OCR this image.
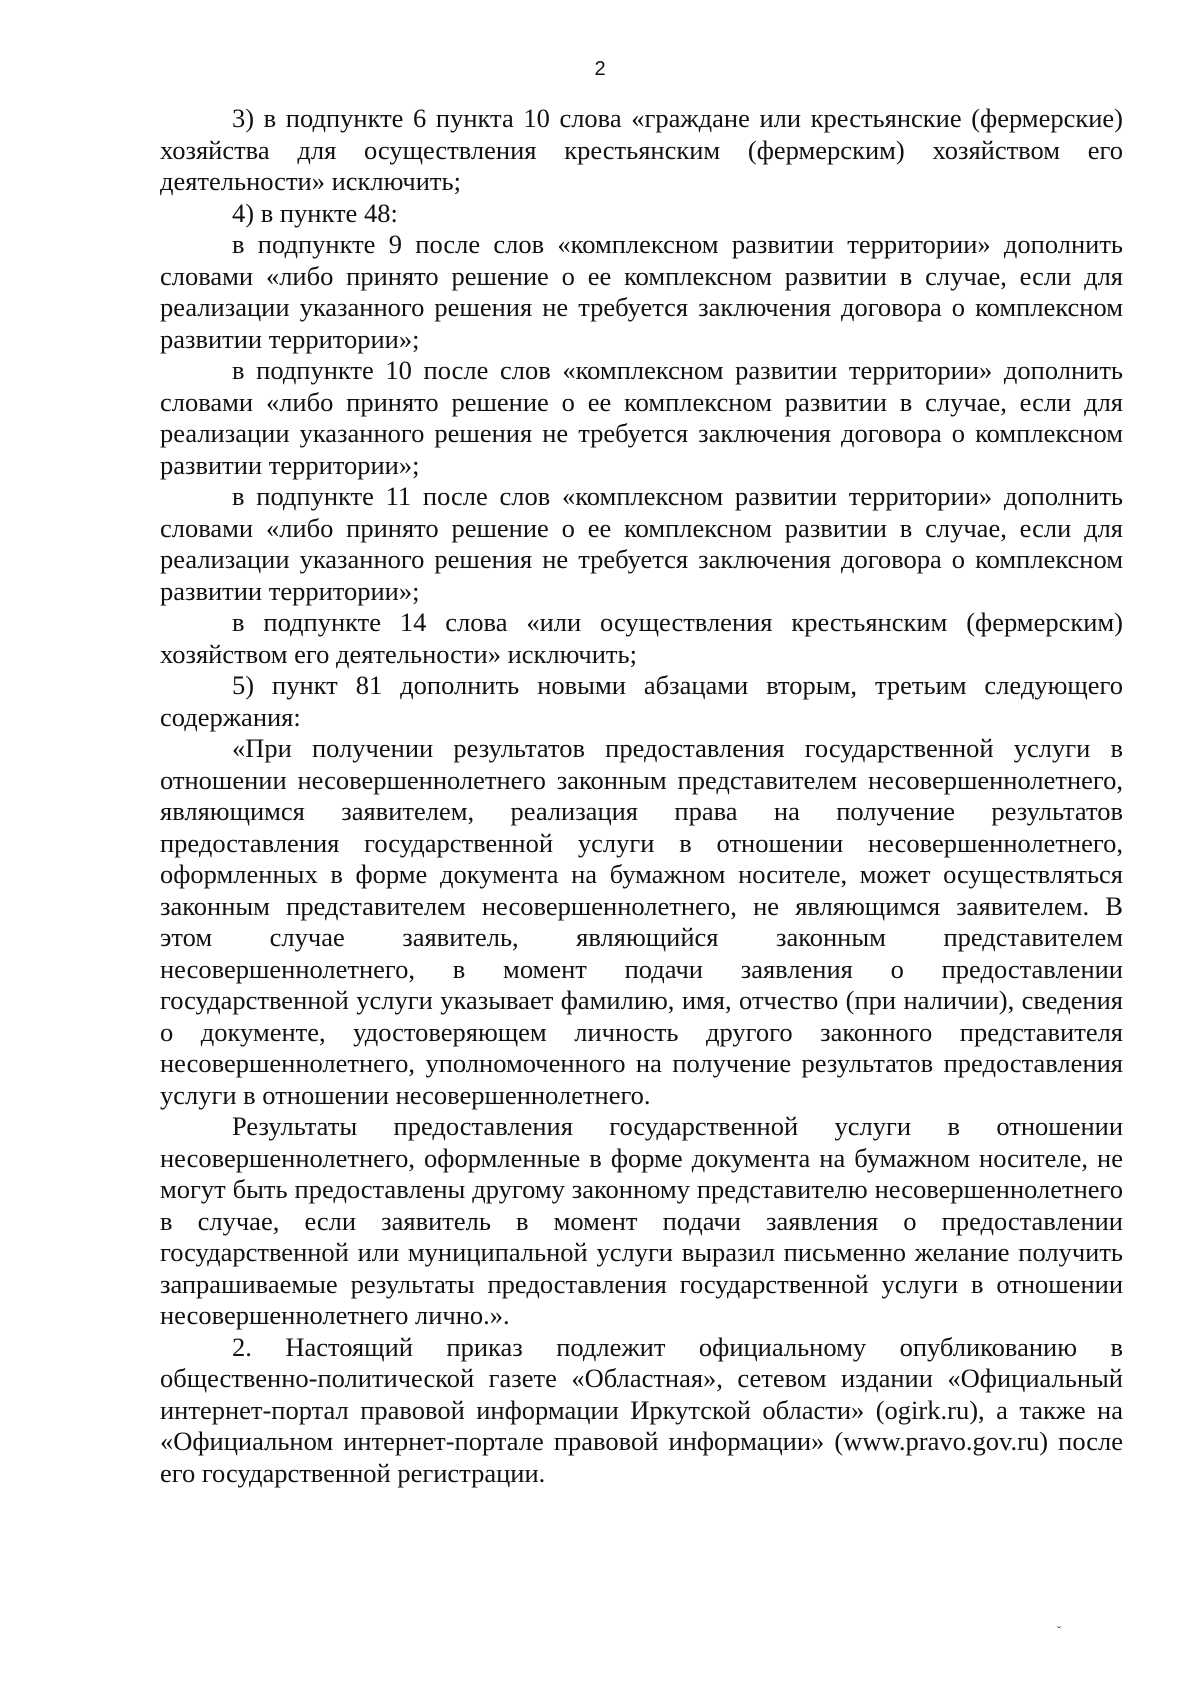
2

3) в подпункте 6 пункта 10 слова «граждане или крестьянские (фермерские) хозяйства для осуществления крестьянским (фермерским) хозяйством его деятельности» исключить;

4) в пункте 48:

в подпункте 9 после слов «комплексном развитии территории» дополнить словами «либо принято решение о ее комплексном развитии в случае, если для реализации указанного решения не требуется заключения договора о комплексном развитии территории»;

в подпункте 10 после слов «комплексном развитии территории» дополнить словами «либо принято решение о ее комплексном развитии в случае, если для реализации указанного решения не требуется заключения договора о комплексном развитии территории»;

в подпункте 11 после слов «комплексном развитии территории» дополнить словами «либо принято решение о ее комплексном развитии в случае, если для реализации указанного решения не требуется заключения договора о комплексном развитии территории»;

в подпункте 14 слова «или осуществления крестьянским (фермерским) хозяйством его деятельности» исключить;

5) пункт 81 дополнить новыми абзацами вторым, третьим следующего содержания:

«При получении результатов предоставления государственной услуги в отношении несовершеннолетнего законным представителем несовершеннолетнего, являющимся заявителем, реализация права на получение результатов предоставления государственной услуги в отношении несовершеннолетнего, оформленных в форме документа на бумажном носителе, может осуществляться законным представителем несовершеннолетнего, не являющимся заявителем. В этом случае заявитель, являющийся законным представителем несовершеннолетнего, в момент подачи заявления о предоставлении государственной услуги указывает фамилию, имя, отчество (при наличии), сведения о документе, удостоверяющем личность другого законного представителя несовершеннолетнего, уполномоченного на получение результатов предоставления услуги в отношении несовершеннолетнего.

Результаты предоставления государственной услуги в отношении несовершеннолетнего, оформленные в форме документа на бумажном носителе, не могут быть предоставлены другому законному представителю несовершеннолетнего в случае, если заявитель в момент подачи заявления о предоставлении государственной или муниципальной услуги выразил письменно желание получить запрашиваемые результаты предоставления государственной услуги в отношении несовершеннолетнего лично.».

2. Настоящий приказ подлежит официальному опубликованию в общественно-политической газете «Областная», сетевом издании «Официальный интернет-портал правовой информации Иркутской области» (ogirk.ru), а также на «Официальном интернет-портале правовой информации» (www.pravo.gov.ru) после его государственной регистрации.

ˇ
